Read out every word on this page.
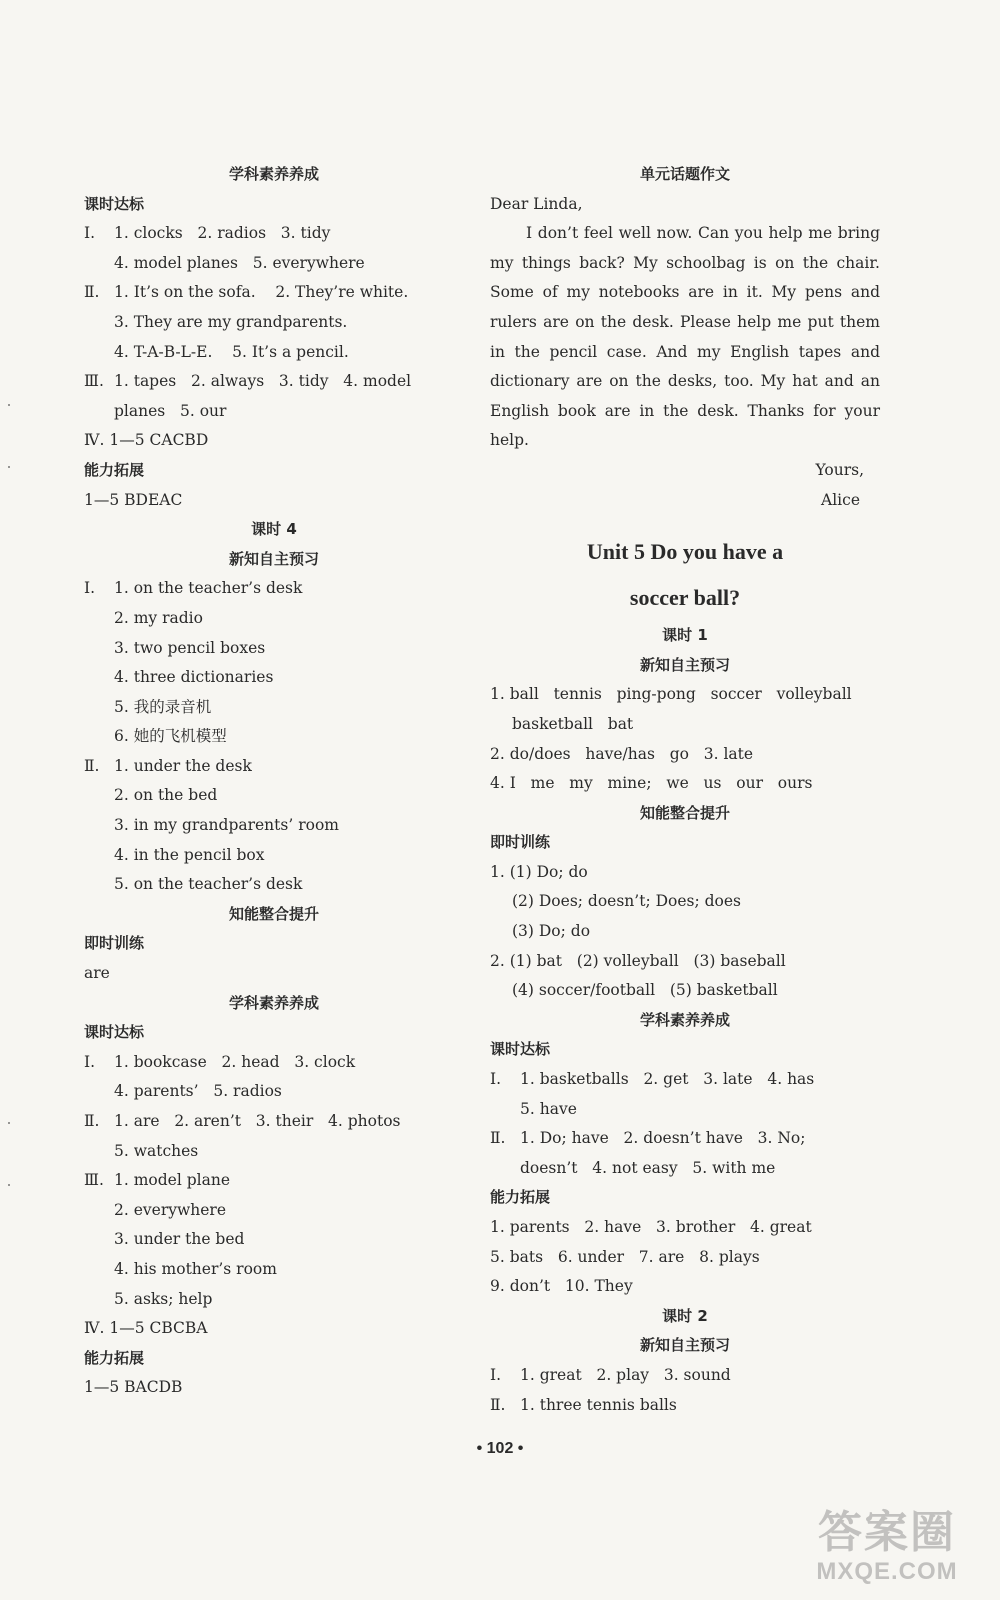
学科素养养成
课时达标
Ⅰ. 1. clocks   2. radios   3. tidy
4. model planes   5. everywhere
Ⅱ. 1. It’s on the sofa.    2. They’re white.
3. They are my grandparents.
4. T-A-B-L-E.    5. It’s a pencil.
Ⅲ. 1. tapes   2. always   3. tidy   4. model
planes   5. our
Ⅳ. 1—5 CACBD
能力拓展
1—5 BDEAC
课时 4
新知自主预习
Ⅰ. 1. on the teacher’s desk
2. my radio
3. two pencil boxes
4. three dictionaries
5. 我的录音机
6. 她的飞机模型
Ⅱ. 1. under the desk
2. on the bed
3. in my grandparents’ room
4. in the pencil box
5. on the teacher’s desk
知能整合提升
即时训练
are
学科素养养成
课时达标
Ⅰ. 1. bookcase   2. head   3. clock
4. parents’   5. radios
Ⅱ. 1. are   2. aren’t   3. their   4. photos
5. watches
Ⅲ. 1. model plane
2. everywhere
3. under the bed
4. his mother’s room
5. asks; help
Ⅳ. 1—5 CBCBA
能力拓展
1—5 BACDB
单元话题作文
Dear Linda,
I don’t feel well now. Can you help me bring
my things back? My schoolbag is on the chair.
Some of my notebooks are in it. My pens and
rulers are on the desk. Please help me put them
in the pencil case. And my English tapes and
dictionary are on the desks, too. My hat and an
English book are in the desk. Thanks for your
help.
Yours,
Alice
Unit 5 Do you have a
soccer ball?
课时 1
新知自主预习
1. ball   tennis   ping-pong   soccer   volleyball
basketball   bat
2. do/does   have/has   go   3. late
4. I   me   my   mine;   we   us   our   ours
知能整合提升
即时训练
1. (1) Do; do
(2) Does; doesn’t; Does; does
(3) Do; do
2. (1) bat   (2) volleyball   (3) baseball
(4) soccer/football   (5) basketball
学科素养养成
课时达标
Ⅰ. 1. basketballs   2. get   3. late   4. has
5. have
Ⅱ. 1. Do; have   2. doesn’t have   3. No;
doesn’t   4. not easy   5. with me
能力拓展
1. parents   2. have   3. brother   4. great
5. bats   6. under   7. are   8. plays
9. don’t   10. They
课时 2
新知自主预习
Ⅰ. 1. great   2. play   3. sound
Ⅱ. 1. three tennis balls
• 102 •
答案圈
MXQE.COM
